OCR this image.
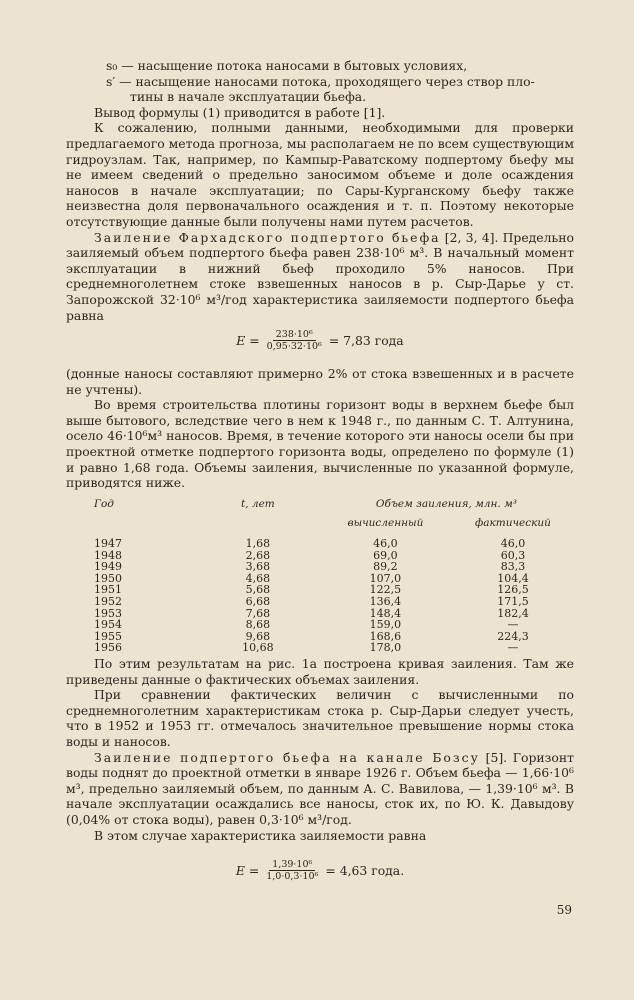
s₀ — насыщение потока наносами в бытовых условиях,

s′ — насыщение наносами потока, проходящего через створ пло-

тины в начале эксплуатации бьефа.

Вывод формулы (1) приводится в работе [1].

К сожалению, полными данными, необходимыми для проверки предлагаемого метода прогноза, мы располагаем не по всем существующим гидроузлам. Так, например, по Кампыр-Раватскому подпертому бьефу мы не имеем сведений о предельно заносимом объеме и доле осаждения наносов в начале эксплуатации; по Сары-Курганскому бьефу также неизвестна доля первоначального осаждения и т. п. Поэтому некоторые отсутствующие данные были получены нами путем расчетов.

Заиление Фархадского подпертого бьефа [2, 3, 4]. Предельно заиляемый объем подпертого бьефа равен 238·10⁶ м³. В начальный момент эксплуатации в нижний бьеф проходило 5% наносов. При среднемноголетнем стоке взвешенных наносов в р. Сыр-Дарье у ст. Запорожской 32·10⁶ м³/год характеристика заиляемости подпертого бьефа равна

$E = \frac{\text{238·10⁶}}{\text{0,95·32·10⁶}} = 7,83$ года

(донные наносы составляют примерно 2% от стока взвешенных и в расчете не учтены).

Во время строительства плотины горизонт воды в верхнем бьефе был выше бытового, вследствие чего в нем к 1948 г., по данным С. Т. Алтунина, осело 46·10⁶м³ наносов. Время, в течение которого эти наносы осели бы при проектной отметке подпертого горизонта воды, определено по формуле (1) и равно 1,68 года. Объемы заиления, вычисленные по указанной формуле, приводятся ниже.

Год	t, лет	Объем заиления, млн. м³	
		вычисленный	фактический
1947	1,68	46,0	46,0
1948	2,68	69,0	60,3
1949	3,68	89,2	83,3
1950	4,68	107,0	104,4
1951	5,68	122,5	126,5
1952	6,68	136,4	171,5
1953	7,68	148,4	182,4
1954	8,68	159,0	—
1955	9,68	168,6	224,3
1956	10,68	178,0	—

По этим результатам на рис. 1а построена кривая заиления. Там же приведены данные о фактических объемах заиления.

При сравнении фактических величин с вычисленными по среднемноголетним характеристикам стока р. Сыр-Дарьи следует учесть, что в 1952 и 1953 гг. отмечалось значительное превышение нормы стока воды и наносов.

Заиление подпертого бьефа на канале Бозсу [5]. Горизонт воды поднят до проектной отметки в январе 1926 г. Объем бьефа — 1,66·10⁶ м³, предельно заиляемый объем, по данным А. С. Вавилова, — 1,39·10⁶ м³. В начале эксплуатации осаждались все наносы, сток их, по Ю. К. Давыдову (0,04% от стока воды), равен 0,3·10⁶ м³/год.

В этом случае характеристика заиляемости равна

$E = \frac{\text{1,39·10⁶}}{\text{1,0·0,3·10⁶}} = 4,63$ года.
59
